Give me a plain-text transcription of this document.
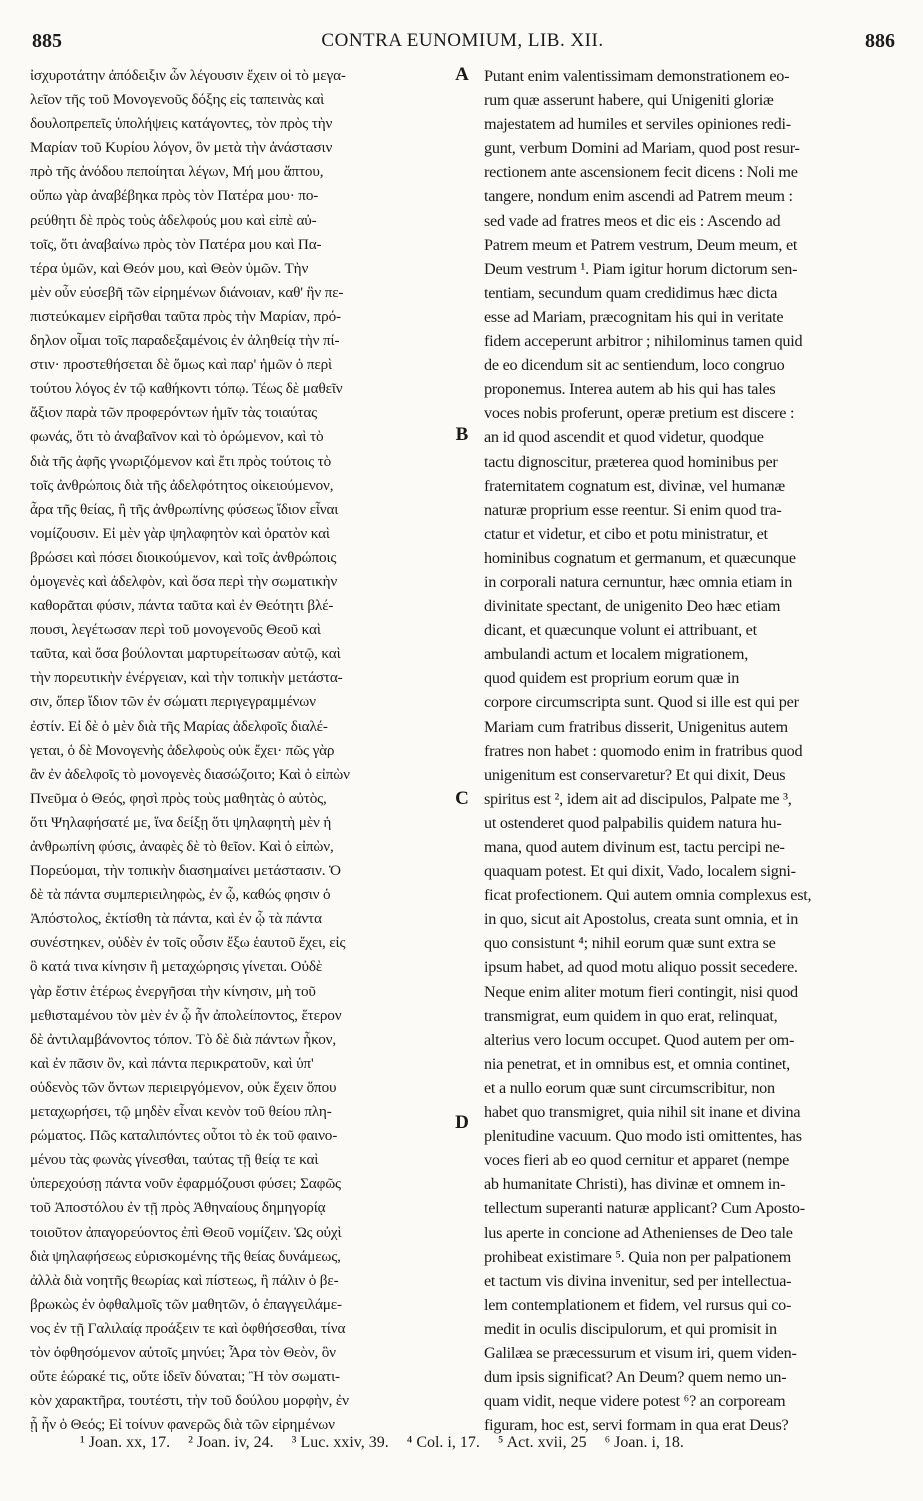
885	CONTRA EUNOMIUM, LIB. XII.	886
ἰσχυροτάτην ἀπόδειξιν ὧν λέγουσιν ἔχειν οἱ τὸ μεγα-
λεῖον τῆς τοῦ Μονογενοῦς δόξης εἰς ταπεινὰς καὶ
δουλοπρεπεῖς ὑπολήψεις κατάγοντες, τὸν πρὸς τὴν
Μαρίαν τοῦ Κυρίου λόγον, ὃν μετὰ τὴν ἀνάστασιν
πρὸ τῆς ἀνόδου πεποίηται λέγων, Μή μου ἅπτου,
οὔπω γὰρ ἀναβέβηκα πρὸς τὸν Πατέρα μου· πο-
ρεύθητι δὲ πρὸς τοὺς ἀδελφούς μου καὶ εἰπὲ αὐ-
τοῖς, ὅτι ἀναβαίνω πρὸς τὸν Πατέρα μου καὶ Πα-
τέρα ὑμῶν, καὶ Θεόν μου, καὶ Θεὸν ὑμῶν. Τὴν
μὲν οὖν εὐσεβῆ τῶν εἰρημένων διάνοιαν, καθ' ἣν πε-
πιστεύκαμεν εἰρῆσθαι ταῦτα πρὸς τὴν Μαρίαν, πρό-
δηλον οἶμαι τοῖς παραδεξαμένοις ἐν ἀληθείᾳ τὴν πί-
στιν· προστεθήσεται δὲ ὅμως καὶ παρ' ἡμῶν ὁ περὶ
τούτου λόγος ἐν τῷ καθήκοντι τόπῳ. Τέως δὲ μαθεῖν
ἄξιον παρὰ τῶν προφερόντων ἡμῖν τὰς τοιαύτας
φωνάς, ὅτι τὸ ἀναβαῖνον καὶ τὸ ὁρώμενον, καὶ τὸ
διὰ τῆς ἀφῆς γνωριζόμενον καὶ ἔτι πρὸς τούτοις τὸ
τοῖς ἀνθρώποις διὰ τῆς ἀδελφότητος οἰκειούμενον,
ἆρα τῆς θείας, ἢ τῆς ἀνθρωπίνης φύσεως ἴδιον εἶναι
νομίζουσιν. Εἰ μὲν γὰρ ψηλαφητὸν καὶ ὁρατὸν καὶ
βρώσει καὶ πόσει διοικούμενον, καὶ τοῖς ἀνθρώποις
ὁμογενὲς καὶ ἀδελφὸν, καὶ ὅσα περὶ τὴν σωματικὴν
καθορᾶται φύσιν, πάντα ταῦτα καὶ ἐν Θεότητι βλέ-
πουσι, λεγέτωσαν περὶ τοῦ μονογενοῦς Θεοῦ καὶ
ταῦτα, καὶ ὅσα βούλονται μαρτυρείτωσαν αὐτῷ, καὶ
τὴν πορευτικὴν ἐνέργειαν, καὶ τὴν τοπικὴν μετάστα-
σιν, ὅπερ ἴδιον τῶν ἐν σώματι περιγεγραμμένων
ἐστίν. Εἰ δὲ ὁ μὲν διὰ τῆς Μαρίας ἀδελφοῖς διαλέ-
γεται, ὁ δὲ Μονογενὴς ἀδελφοὺς οὐκ ἔχει· πῶς γὰρ
ἂν ἐν ἀδελφοῖς τὸ μονογενὲς διασώζοιτο; Καὶ ὁ εἰπὼν
Πνεῦμα ὁ Θεός, φησὶ πρὸς τοὺς μαθητὰς ὁ αὐτὸς,
ὅτι Ψηλαφήσατέ με, ἵνα δείξῃ ὅτι ψηλαφητὴ μὲν ἡ
ἀνθρωπίνη φύσις, ἀναφὲς δὲ τὸ θεῖον. Καὶ ὁ εἰπὼν,
Πορεύομαι, τὴν τοπικὴν διασημαίνει μετάστασιν. Ὁ
δὲ τὰ πάντα συμπεριειληφὼς, ἐν ᾧ, καθώς φησιν ὁ
Ἀπόστολος, ἐκτίσθη τὰ πάντα, καὶ ἐν ᾧ τὰ πάντα
συνέστηκεν, οὐδὲν ἐν τοῖς οὖσιν ἔξω ἑαυτοῦ ἔχει, εἰς
ὃ κατά τινα κίνησιν ἢ μεταχώρησις γίνεται. Οὐδὲ
γὰρ ἔστιν ἑτέρως ἐνεργῆσαι τὴν κίνησιν, μὴ τοῦ
μεθισταμένου τὸν μὲν ἐν ᾧ ἦν ἀπολείποντος, ἕτερον
δὲ ἀντιλαμβάνοντος τόπον. Τὸ δὲ διὰ πάντων ἧκον,
καὶ ἐν πᾶσιν ὂν, καὶ πάντα περικρατοῦν, καὶ ὑπ'
οὐδενὸς τῶν ὄντων περιειργόμενον, οὐκ ἔχειν ὅπου
μεταχωρήσει, τῷ μηδὲν εἶναι κενὸν τοῦ θείου πλη-
ρώματος. Πῶς καταλιπόντες οὗτοι τὸ ἐκ τοῦ φαινο-
μένου τὰς φωνὰς γίνεσθαι, ταύτας τῇ θείᾳ τε καὶ
ὑπερεχούσῃ πάντα νοῦν ἐφαρμόζουσι φύσει; Σαφῶς
τοῦ Ἀποστόλου ἐν τῇ πρὸς Ἀθηναίους δημηγορίᾳ
τοιοῦτον ἀπαγορεύοντος ἐπὶ Θεοῦ νομίζειν. Ὡς οὐχὶ
διὰ ψηλαφήσεως εὑρισκομένης τῆς θείας δυνάμεως,
ἀλλὰ διὰ νοητῆς θεωρίας καὶ πίστεως, ἢ πάλιν ὁ βε-
βρωκὼς ἐν ὀφθαλμοῖς τῶν μαθητῶν, ὁ ἐπαγγειλάμε-
νος ἐν τῇ Γαλιλαίᾳ προάξειν τε καὶ ὀφθήσεσθαι, τίνα
τὸν ὀφθησόμενον αὐτοῖς μηνύει; Ἆρα τὸν Θεὸν, ὃν
οὔτε ἑώρακέ τις, οὔτε ἰδεῖν δύναται; Ἢ τὸν σωματι-
κὸν χαρακτῆρα, τουτέστι, τὴν τοῦ δούλου μορφὴν, ἐν
ᾗ ἦν ὁ Θεός; Εἰ τοίνυν φανερῶς διὰ τῶν εἰρημένων
Putant enim valentissimam demonstrationem eo-
rum quæ asserunt habere, qui Unigeniti gloriæ
majestatem ad humiles et serviles opiniones redi-
gunt, verbum Domini ad Mariam, quod post resur-
rectionem ante ascensionem fecit dicens : Noli me
tangere, nondum enim ascendi ad Patrem meum :
sed vade ad fratres meos et dic eis : Ascendo ad
Patrem meum et Patrem vestrum, Deum meum, et
Deum vestrum ¹. Piam igitur horum dictorum sen-
tentiam, secundum quam credidimus hæc dicta
esse ad Mariam, præcognitam his qui in veritate
fidem acceperunt arbitror ; nihilominus tamen quid
de eo dicendum sit ac sentiendum, loco congruo
proponemus. Interea autem ab his qui has tales
voces nobis proferunt, operæ pretium est discere :
an id quod ascendit et quod videtur, quodque
tactu dignoscitur, præterea quod hominibus per
fraternitatem cognatum est, divinæ, vel humanæ
naturæ proprium esse reentur. Si enim quod tra-
ctatur et videtur, et cibo et potu ministratur, et
hominibus cognatum et germanum, et quæcunque
in corporali natura cernuntur, hæc omnia etiam in
divinitate spectant, de unigenito Deo hæc etiam
dicant, et quæcunque volunt ei attribuant, et
ambulandi actum et localem migrationem,
quod quidem est proprium eorum quæ in
corpore circumscripta sunt. Quod si ille est qui per
Mariam cum fratribus disserit, Unigenitus autem
fratres non habet : quomodo enim in fratribus quod
unigenitum est conservaretur? Et qui dixit, Deus
spiritus est ², idem ait ad discipulos, Palpate me ³,
ut ostenderet quod palpabilis quidem natura hu-
mana, quod autem divinum est, tactu percipi ne-
quaquam potest. Et qui dixit, Vado, localem signi-
ficat profectionem. Qui autem omnia complexus est,
in quo, sicut ait Apostolus, creata sunt omnia, et in
quo consistunt ⁴; nihil eorum quæ sunt extra se
ipsum habet, ad quod motu aliquo possit secedere.
Neque enim aliter motum fieri contingit, nisi quod
transmigrat, eum quidem in quo erat, relinquat,
alterius vero locum occupet. Quod autem per om-
nia penetrat, et in omnibus est, et omnia continet,
et a nullo eorum quæ sunt circumscribitur, non
habet quo transmigret, quia nihil sit inane et divina
plenitudine vacuum. Quo modo isti omittentes, has
voces fieri ab eo quod cernitur et apparet (nempe
ab humanitate Christi), has divinæ et omnem in-
tellectum superanti naturæ applicant? Cum Aposto-
lus aperte in concione ad Athenienses de Deo tale
prohibeat existimare ⁵. Quia non per palpationem
et tactum vis divina invenitur, sed per intellectua-
lem contemplationem et fidem, vel rursus qui co-
medit in oculis discipulorum, et qui promisit in
Galilæa se præcessurum et visum iri, quem viden-
dum ipsis significat? An Deum? quem nemo un-
quam vidit, neque videre potest ⁶? an corpoream
figuram, hoc est, servi formam in qua erat Deus?
A
B
C
D
¹ Joan. xx, 17. ² Joan. iv, 24. ³ Luc. xxiv, 39. ⁴ Col. i, 17. ⁵ Act. xvii, 25 ⁶ Joan. i, 18.
